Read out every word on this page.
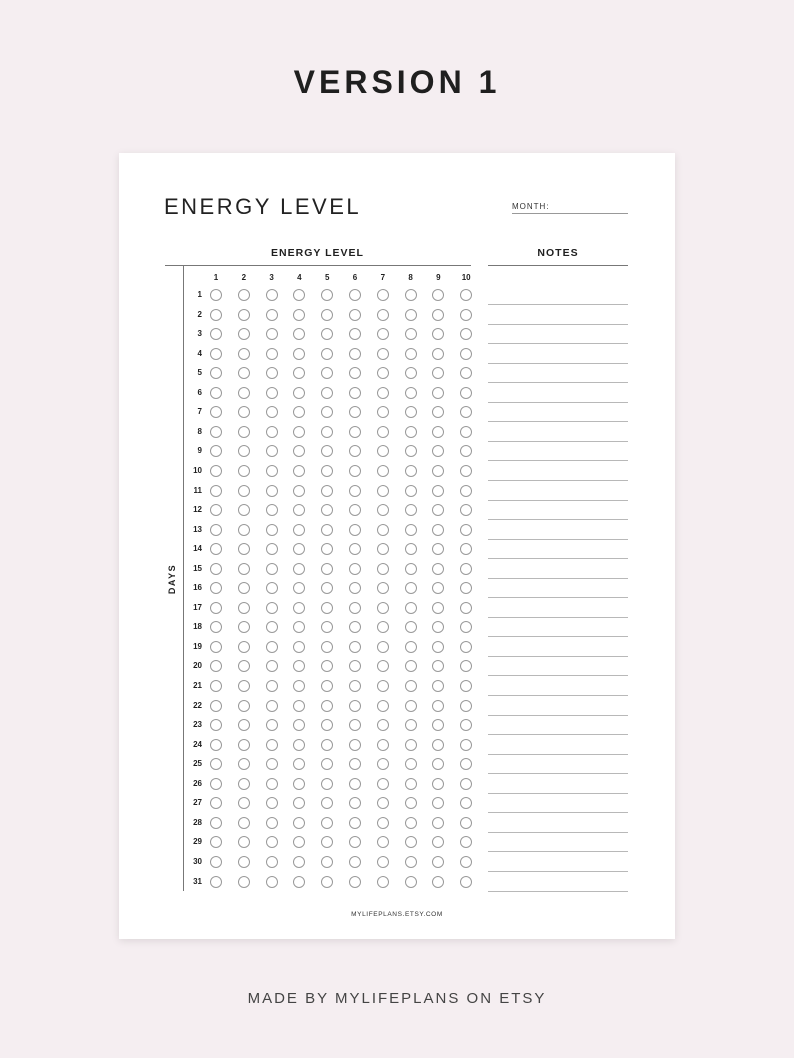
VERSION 1
ENERGY LEVEL	MONTH:
ENERGY LEVEL	NOTES
DAYS
1	2	3	4	5	6	7	8	9	10
1
2
3
4
5
6
7
8
9
10
11
12
13
14
15
16
17
18
19
20
21
22
23
24
25
26
27
28
29
30
31
MYLIFEPLANS.ETSY.COM
MADE BY MYLIFEPLANS ON ETSY
